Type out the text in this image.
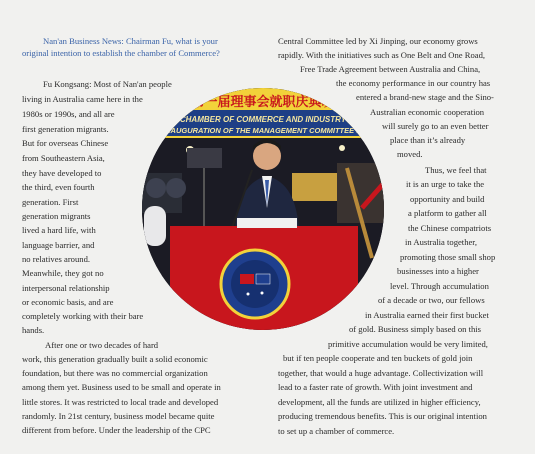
Nan'an Business News: Chairman Fu, what is your
original intention to establish the chamber of Commerce?
Fu Kongsang: Most of Nan'an people
living in Australia came here in the
1980s or 1990s, and all are
first generation migrants.
But for overseas Chinese
from Southeastern Asia,
they have developed to
the third, even fourth
generation. First
generation migrants
lived a hard life, with
language barrier, and
no relatives around.
Meanwhile, they got no
interpersonal relationship
or economic basis, and are
completely working with their bare
hands.
After one or two decades of hard
work, this generation gradually built a solid economic
foundation, but there was no commercial organization
among them yet. Business used to be small and operate in
little stores. It was restricted to local trade and developed
randomly. In 21st century, business model became quite
different from before. Under the leadership of the CPC
Central Committee led by Xi Jinping, our economy grows
rapidly. With the initiatives such as One Belt and One Road,
Free Trade Agreement between Australia and China,
the economy performance in our country has
entered a brand-new stage and the Sino-
Australian economic cooperation
will surely go to an even better
place than it’s already
moved.
Thus, we feel that
it is an urge to take the
opportunity and build
a platform to gather all
the Chinese compatriots
in Australia together,
promoting those small shop
businesses into a higher
level. Through accumulation
of a decade or two, our fellows
in Australia earned their first bucket
of gold. Business simply based on this
primitive accumulation would be very limited,
but if ten people cooperate and ten buckets of gold join
together, that would a huge advantage. Collectivization will
lead to a faster rate of growth. With joint investment and
development, all the funds are utilized in higher efficiency,
producing tremendous benefits. This is our original intention
to set up a chamber of commerce.
暨第一届理事会就职庆典晚会
CHAMBER OF COMMERCE AND INDUSTRY
INAUGURATION OF THE MANAGEMENT COMMITTEE PARTY
